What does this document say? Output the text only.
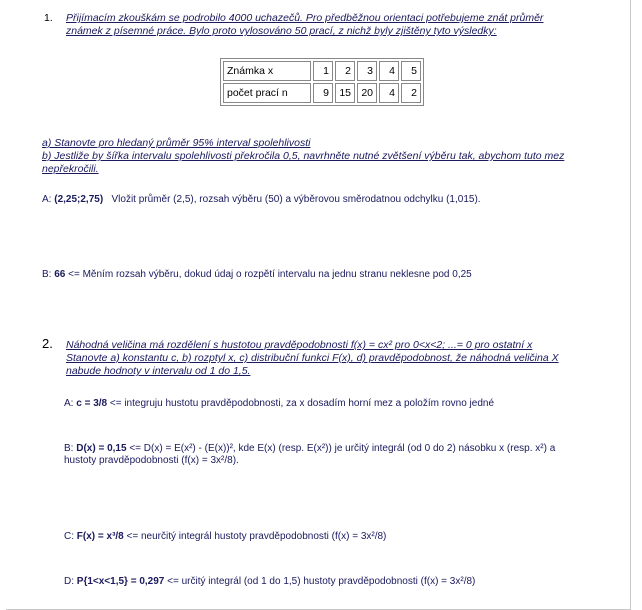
1. Přijímacím zkouškám se podrobilo 4000 uchazečů. Pro předběžnou orientaci potřebujeme znát průměr
známek z písemné práce. Bylo proto vylosováno 50 prací, z nichž byly zjištěny tyto výsledky:
Známka x	1	2	3	4	5
počet prací n	9	15	20	4	2
a) Stanovte pro hledaný průměr 95% interval spolehlivosti
b) Jestliže by šířka intervalu spolehlivosti překročila 0,5, navrhněte nutné zvětšení výběru tak, abychom tuto mez
nepřekročili.
A: (2,25;2,75) Vložit průměr (2,5), rozsah výběru (50) a výběrovou směrodatnou odchylku (1,015).
B: 66 <= Měním rozsah výběru, dokud údaj o rozpětí intervalu na jednu stranu neklesne pod 0,25
2. Náhodná veličina má rozdělení s hustotou pravděpodobnosti f(x) = cx² pro 0<x<2; ...= 0 pro ostatní x
Stanovte a) konstantu c, b) rozptyl x, c) distribuční funkci F(x), d) pravděpodobnost, že náhodná veličina X
nabude hodnoty v intervalu od 1 do 1,5.
A: c = 3/8 <= integruju hustotu pravděpodobnosti, za x dosadím horní mez a položím rovno jedné
B: D(x) = 0,15 <= D(x) = E(x²) - (E(x))², kde E(x) (resp. E(x²)) je určitý integrál (od 0 do 2) násobku x (resp. x²) a
hustoty pravděpodobnosti (f(x) = 3x²/8).
C: F(x) = x³/8 <= neurčitý integrál hustoty pravděpodobnosti (f(x) = 3x²/8)
D: P{1<x<1,5} = 0,297 <= určitý integrál (od 1 do 1,5) hustoty pravděpodobnosti (f(x) = 3x²/8)
